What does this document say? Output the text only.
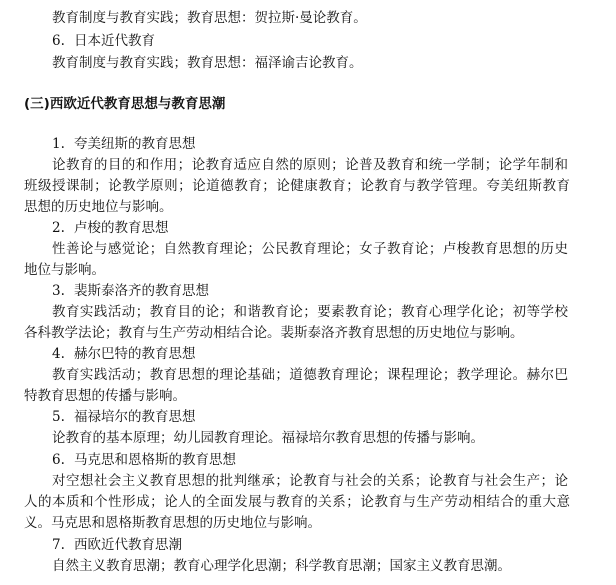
教育制度与教育实践；教育思想：贺拉斯·曼论教育。
6. 日本近代教育
教育制度与教育实践；教育思想：福泽谕吉论教育。
(三)西欧近代教育思想与教育思潮
1. 夸美纽斯的教育思想
论教育的目的和作用；论教育适应自然的原则；论普及教育和统一学制；论学年制和
班级授课制；论教学原则；论道德教育；论健康教育；论教育与教学管理。夸美纽斯教育
思想的历史地位与影响。
2. 卢梭的教育思想
性善论与感觉论；自然教育理论；公民教育理论；女子教育论；卢梭教育思想的历史
地位与影响。
3. 裴斯泰洛齐的教育思想
教育实践活动；教育目的论；和谐教育论；要素教育论；教育心理学化论；初等学校
各科教学法论；教育与生产劳动相结合论。裴斯泰洛齐教育思想的历史地位与影响。
4. 赫尔巴特的教育思想
教育实践活动；教育思想的理论基础；道德教育理论；课程理论；教学理论。赫尔巴
特教育思想的传播与影响。
5. 福禄培尔的教育思想
论教育的基本原理；幼儿园教育理论。福禄培尔教育思想的传播与影响。
6. 马克思和恩格斯的教育思想
对空想社会主义教育思想的批判继承；论教育与社会的关系；论教育与社会生产；论
人的本质和个性形成；论人的全面发展与教育的关系；论教育与生产劳动相结合的重大意
义。马克思和恩格斯教育思想的历史地位与影响。
7. 西欧近代教育思潮
自然主义教育思潮；教育心理学化思潮；科学教育思潮；国家主义教育思潮。
